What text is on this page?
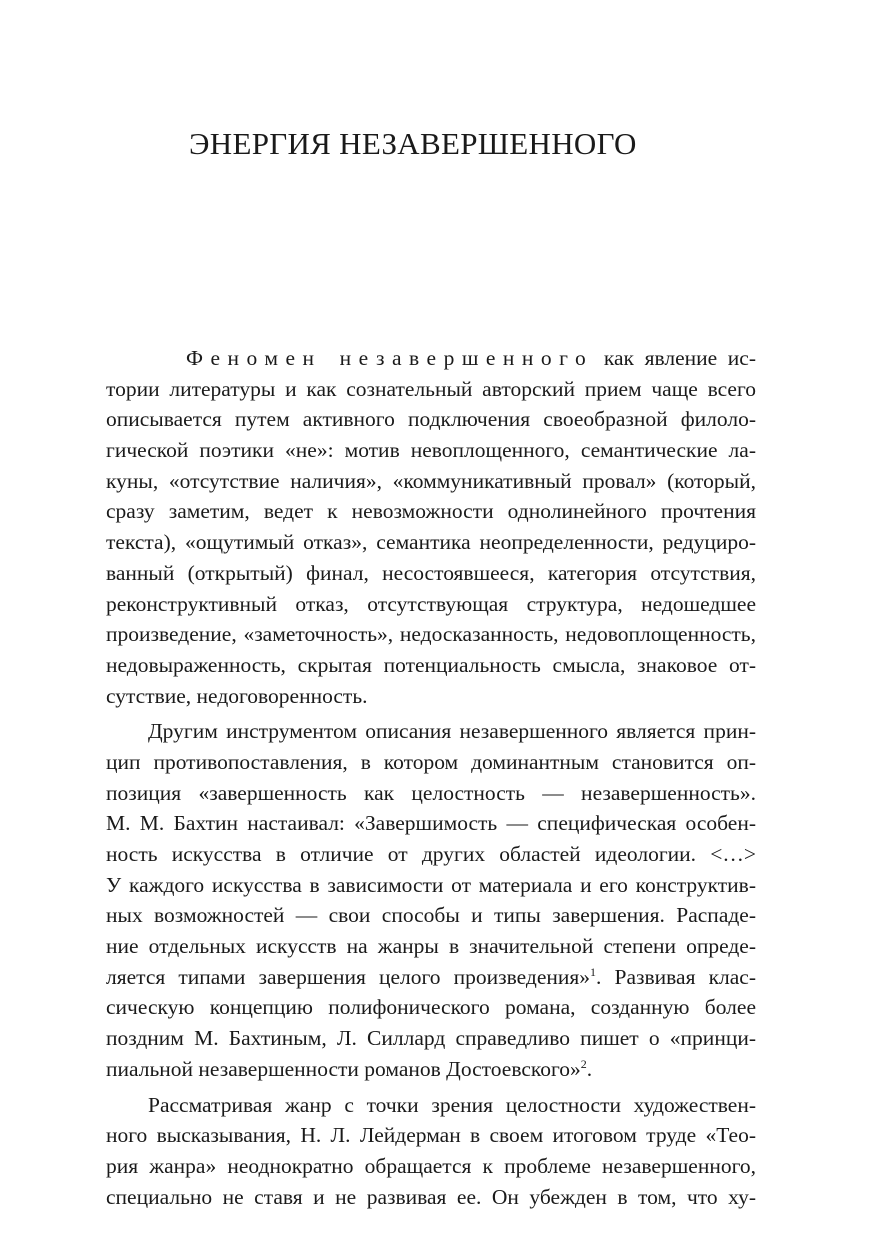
ЭНЕРГИЯ НЕЗАВЕРШЕННОГО
Феномен незавершенного как явление ис-
тории литературы и как сознательный авторский прием чаще всего
описывается путем активного подключения своеобразной филоло-
гической поэтики «не»: мотив невоплощенного, семантические ла-
куны, «отсутствие наличия», «коммуникативный провал» (который,
сразу заметим, ведет к невозможности однолинейного прочтения
текста), «ощутимый отказ», семантика неопределенности, редуциро-
ванный (открытый) финал, несостоявшееся, категория отсутствия,
реконструктивный отказ, отсутствующая структура, недошедшее
произведение, «заметочность», недосказанность, недовоплощенность,
недовыраженность, скрытая потенциальность смысла, знаковое от-
сутствие, недоговоренность.
Другим инструментом описания незавершенного является прин-
цип противопоставления, в котором доминантным становится оп-
позиция «завершенность как целостность — незавершенность».
М. М. Бахтин настаивал: «Завершимость — специфическая особен-
ность искусства в отличие от других областей идеологии. <…>
У каждого искусства в зависимости от материала и его конструктив-
ных возможностей — свои способы и типы завершения. Распаде-
ние отдельных искусств на жанры в значительной степени опреде-
ляется типами завершения целого произведения»$^1$. Развивая клас-
сическую концепцию полифонического романа, созданную более
поздним М. Бахтиным, Л. Силлард справедливо пишет о «принци-
пиальной незавершенности романов Достоевского»$^2$.
Рассматривая жанр с точки зрения целостности художествен-
ного высказывания, Н. Л. Лейдерман в своем итоговом труде «Тео-
рия жанра» неоднократно обращается к проблеме незавершенного,
специально не ставя и не развивая ее. Он убежден в том, что ху-
